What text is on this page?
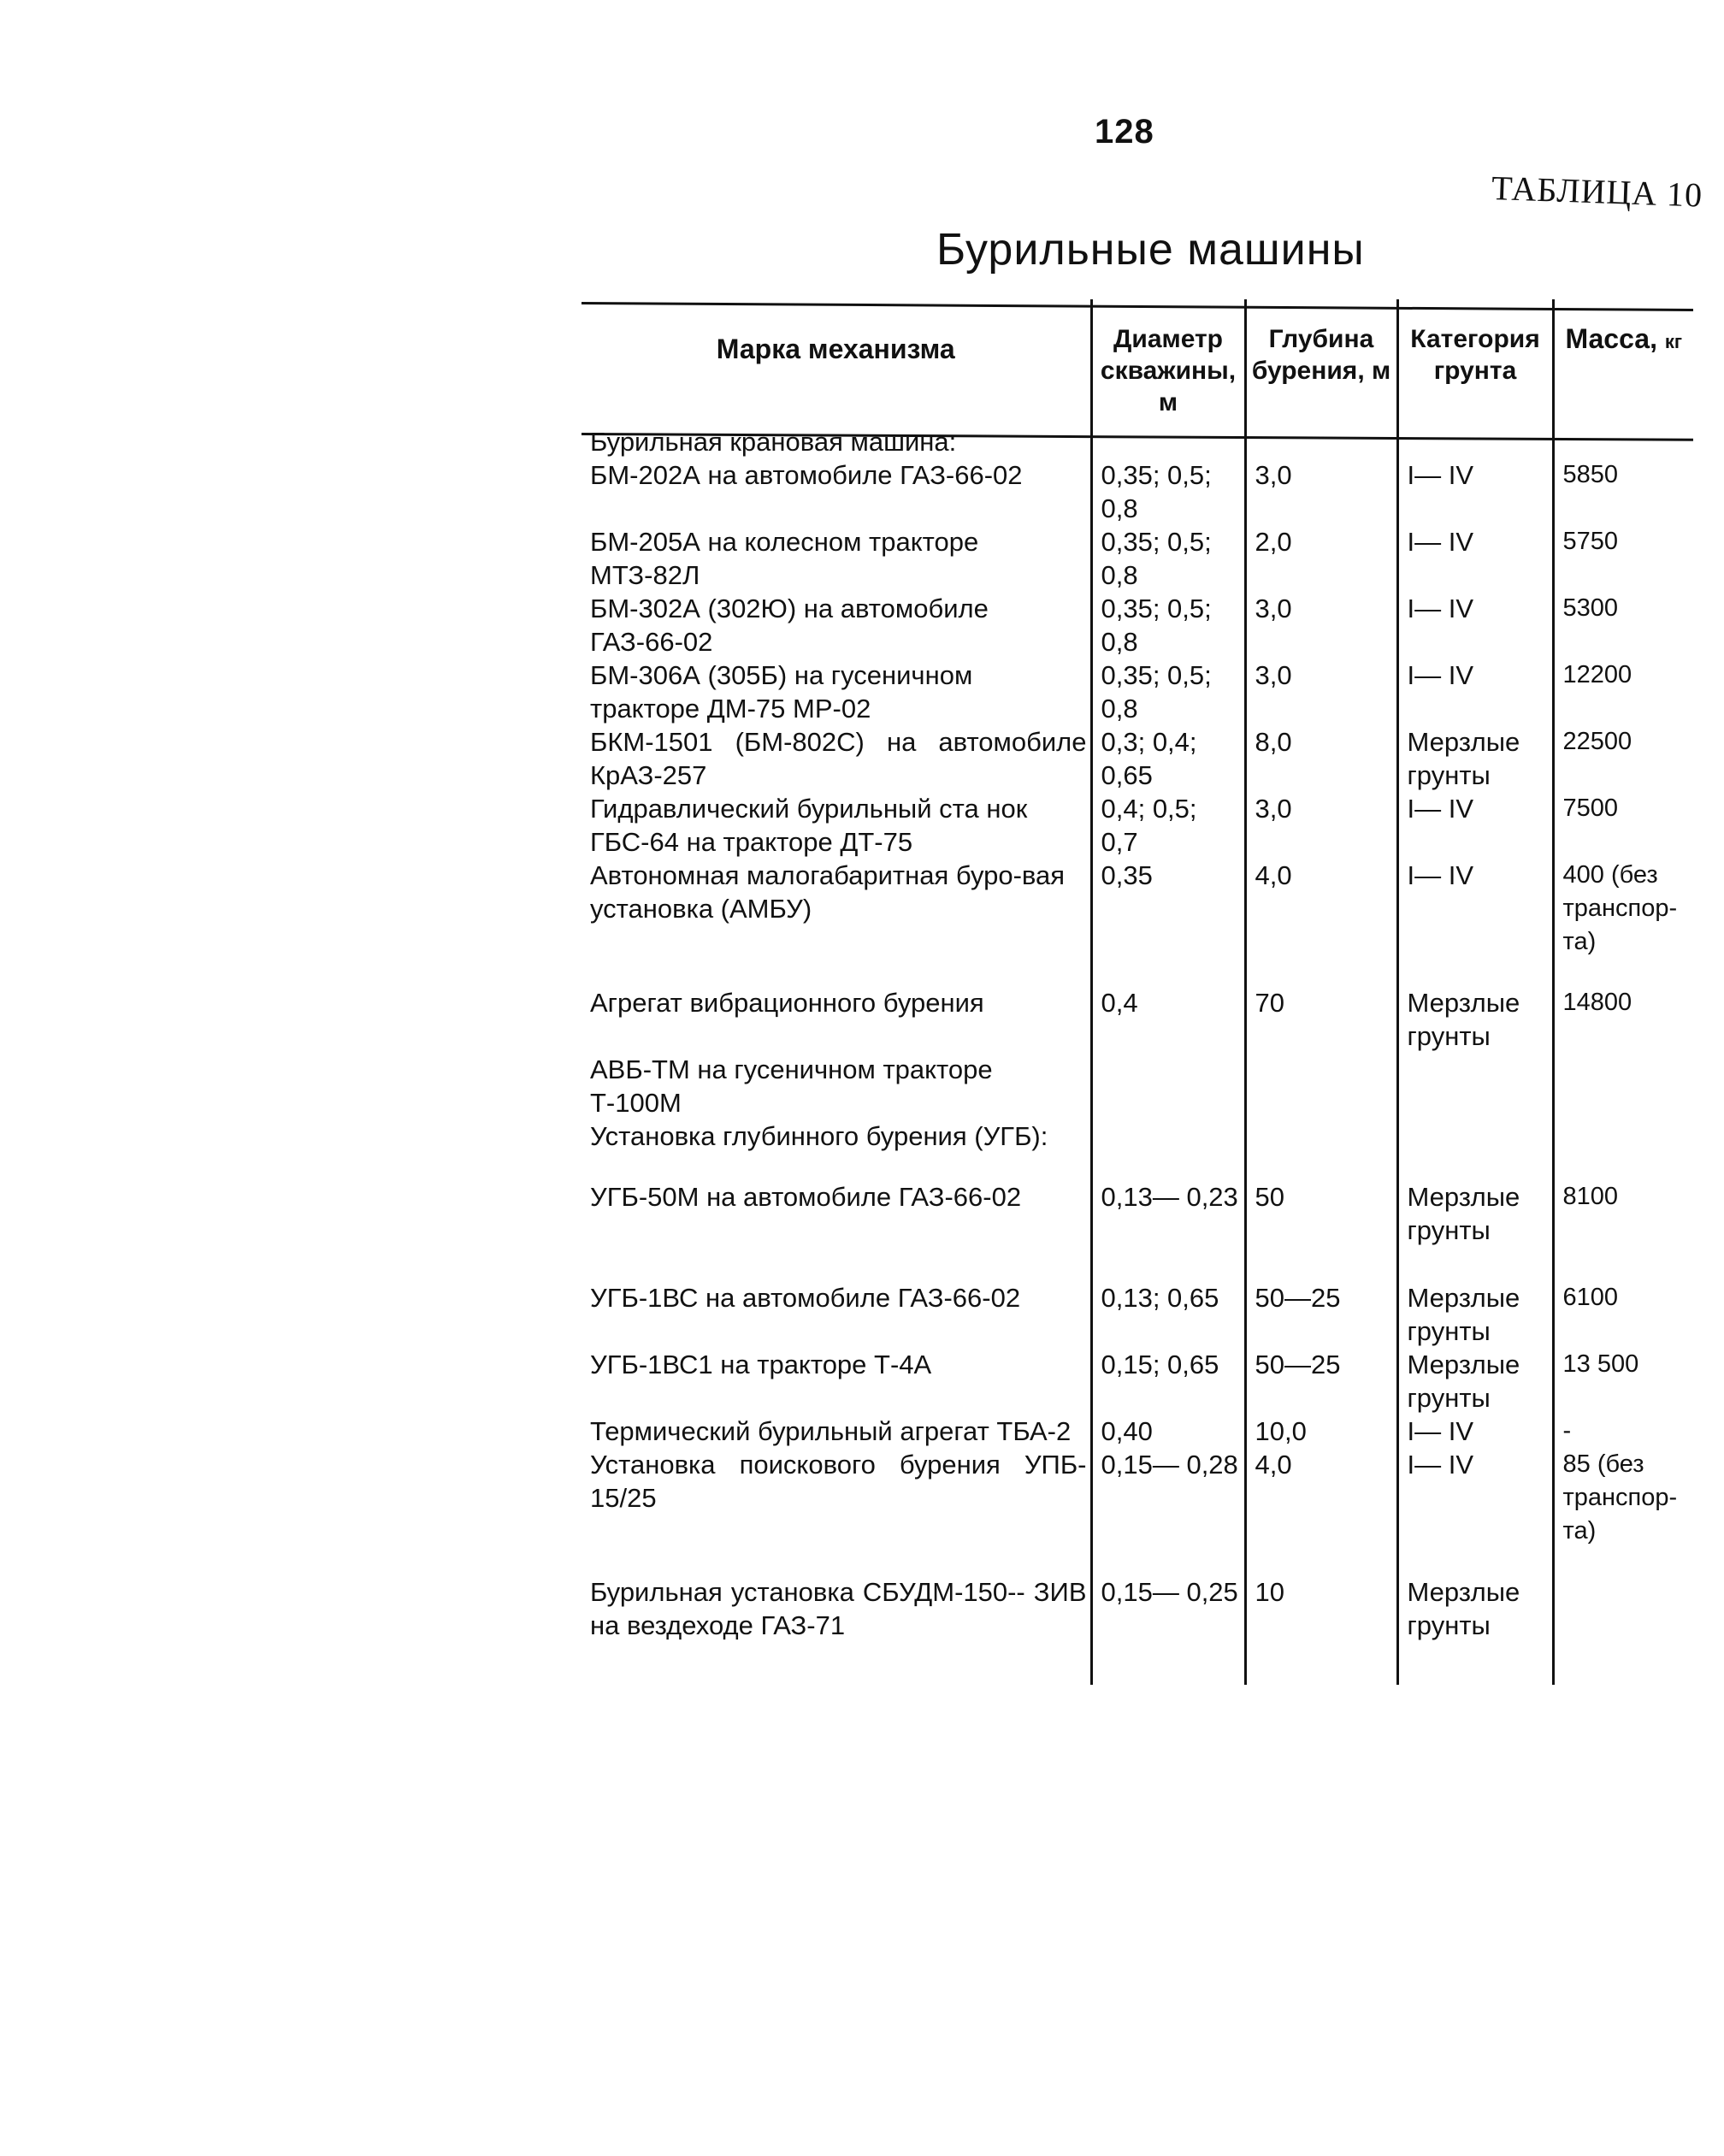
128
ТАБЛИЦА 10
Бурильные машины
Марка механизма	Диаметр скважины, м	Глубина бурения, м	Категория грунта	Масса, кг
Бурильная крановая машина:				
БМ-202А на автомобиле ГАЗ-66-02	0,35; 0,5; 0,8	3,0	I— IV	5850
БМ-205А на колесном тракторе МТЗ-82Л	0,35; 0,5; 0,8	2,0	I— IV	5750
БМ-302А (302Ю) на автомобиле ГАЗ-66-02	0,35; 0,5; 0,8	3,0	I— IV	5300
БМ-306А (305Б) на гусеничном тракторе ДМ-75 МР-02	0,35; 0,5; 0,8	3,0	I— IV	12200
БКМ-1501 (БМ-802С) на автомобиле КрАЗ-257	0,3; 0,4; 0,65	8,0	Мерзлые грунты	22500
Гидравлический бурильный ста нок ГБС-64 на тракторе ДТ-75	0,4; 0,5; 0,7	3,0	I— IV	7500
Автономная малогабаритная буро-вая установка (АМБУ)	0,35	4,0	I— IV	400 (без транспор-та)

Агрегат вибрационного бурения	0,4	70	Мерзлые грунты	14800
АВБ-ТМ на гусеничном тракторе Т-100М				
Установка глубинного бурения (УГБ):				

УГБ-50М на автомобиле ГАЗ-66-02	0,13— 0,23	50	Мерзлые грунты	8100

УГБ-1ВС на автомобиле ГАЗ-66-02	0,13; 0,65	50—25	Мерзлые грунты	6100
УГБ-1ВС1 на тракторе Т-4А	0,15; 0,65	50—25	Мерзлые грунты	13 500
Термический бурильный агрегат ТБА-2	0,40	10,0	I— IV	-
Установка поискового бурения УПБ- 15/25	0,15— 0,28	4,0	I— IV	85 (без транспор-та)

Бурильная установка СБУДМ-150-- ЗИВ на вездеходе ГАЗ-71	0,15— 0,25	10	Мерзлые грунты	
